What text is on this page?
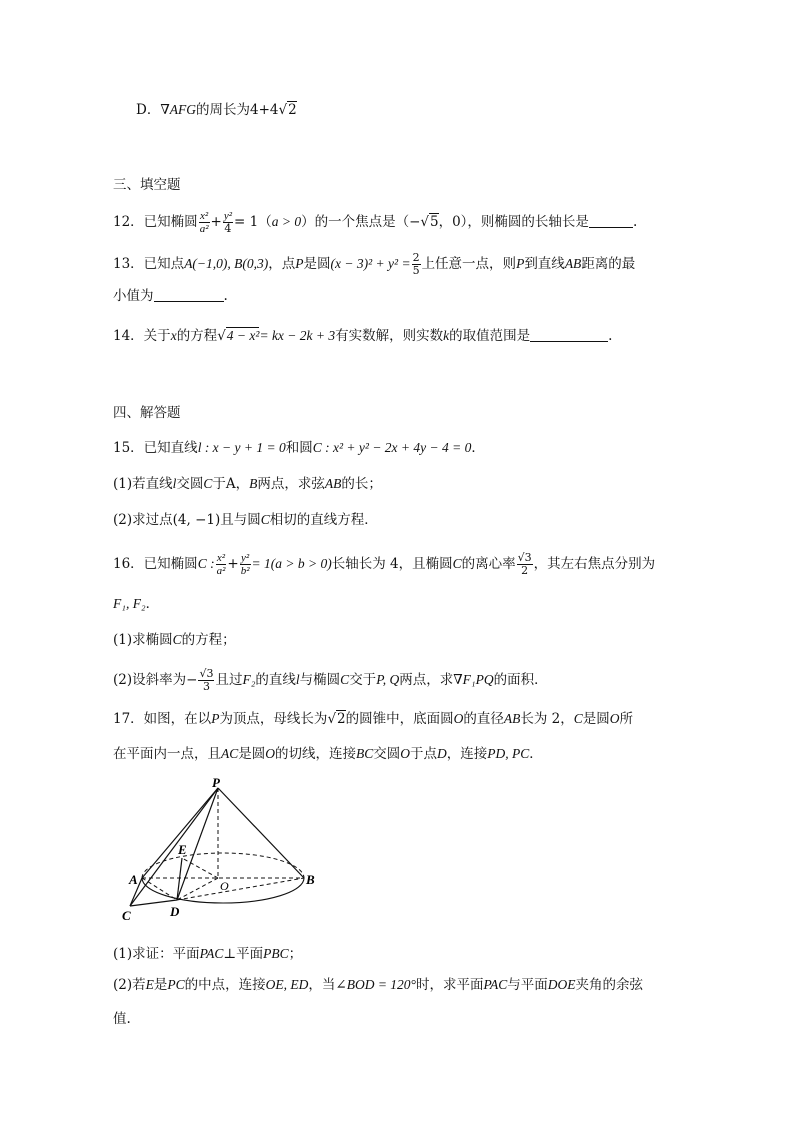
D．∇AFG的周长为4+4√2
三、填空题
12．已知椭圆 $\frac{\text{x²}}{\text{a²}} + \frac{\text{y²}}{4} = 1(a > 0)$的一个焦点是（−√5，0），则椭圆的长轴长是	.
13．已知点A(−1,0), B(0,3)，点P是圆$(x - 3)^2 + y^2 = \frac{2}{5}$ 上任意一点，则P到直线AB距离的最
小值为	.
14．关于x的方程√4 − x²= kx − 2k + 3有实数解，则实数k的取值范围是	.
四、解答题
15．已知直线l : x − y + 1 = 0和圆C : x² + y² − 2x + 4y − 4 = 0．
(1)若直线l交圆C于A，B两点，求弦AB的长；
(2)求过点(4, −1)且与圆C相切的直线方程．
16．已知椭圆C : $\frac{\text{x²}}{\text{a²}} + \frac{\text{y²}}{\text{b²}} = 1(a > b > 0)$长轴长为 4，且椭圆C的离心率 $\frac{√3}{2}$ ，其左右焦点分别为
F₁, F₂．
(1)求椭圆C的方程；
(2)设斜率为− $\frac{√3}{3}$ 且过F₂的直线l与椭圆C交于P, Q两点，求∇F₁PQ的面积．
17．如图，在以P为顶点，母线长为√2的圆锥中，底面圆O的直径AB长为 2，C是圆O所
在平面内一点，且AC是圆O的切线，连接BC交圆O于点D，连接PD, PC．
P
E
A	O	B
C	D
(1)求证：平面PAC⊥平面PBC；
(2)若E是PC的中点，连接OE, ED，当∠BOD = 120°时，求平面PAC与平面DOE夹角的余弦
值.
